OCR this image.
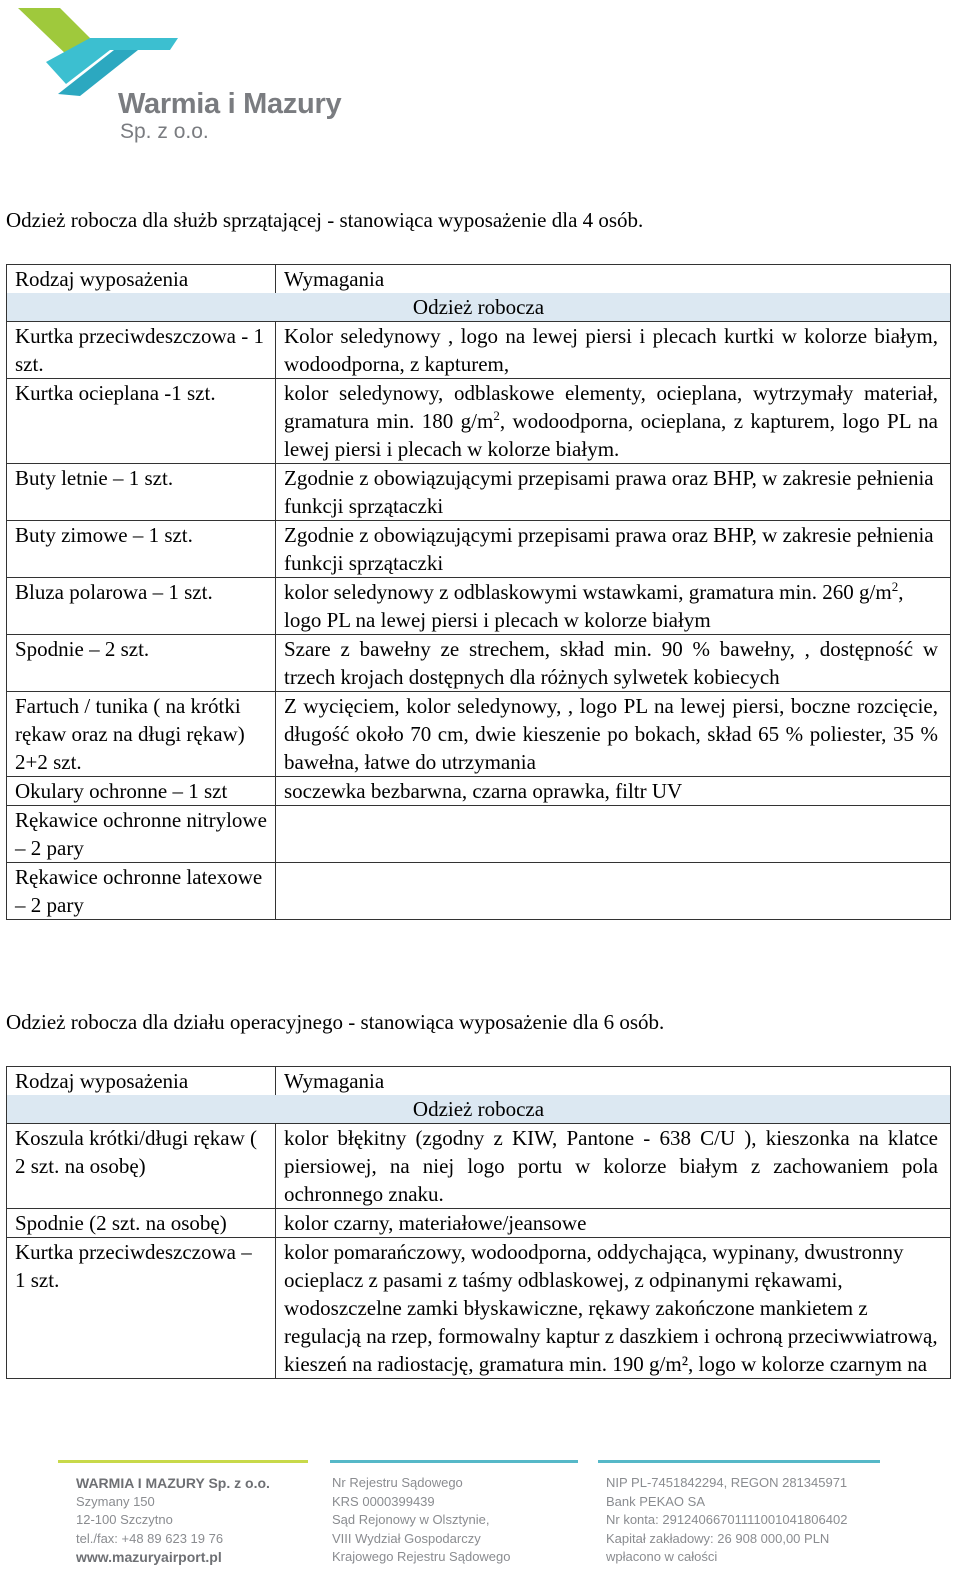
Warmia i Mazury
Sp. z o.o.
Odzież robocza dla służb sprzątającej - stanowiąca wyposażenie dla 4 osób.
Rodzaj wyposażenia	Wymagania
Odzież robocza	
Kurtka przeciwdeszczowa - 1 szt.	Kolor seledynowy , logo na lewej piersi i plecach kurtki w kolorze białym, wodoodporna, z kapturem,
Kurtka ocieplana -1 szt.	kolor seledynowy, odblaskowe elementy, ocieplana, wytrzymały materiał, gramatura min. 180 $g/m^2$, wodoodporna, ocieplana, z kapturem, logo PL na lewej piersi i plecach w kolorze białym.
Buty letnie – 1 szt.	Zgodnie z obowiązującymi przepisami prawa oraz BHP, w zakresie pełnienia funkcji sprzątaczki
Buty zimowe – 1 szt.	Zgodnie z obowiązującymi przepisami prawa oraz BHP, w zakresie pełnienia funkcji sprzątaczki
Bluza polarowa – 1 szt.	kolor seledynowy z odblaskowymi wstawkami, gramatura min. 260 $g/m^2$, logo PL na lewej piersi i plecach w kolorze białym
Spodnie – 2 szt.	Szare z bawełny ze strechem, skład min. 90 % bawełny, , dostępność w trzech krojach dostępnych dla różnych sylwetek kobiecych
Fartuch / tunika ( na krótki rękaw oraz na długi rękaw) 2+2 szt.	Z wycięciem, kolor seledynowy, , logo PL na lewej piersi, boczne rozcięcie, długość około 70 cm, dwie kieszenie po bokach, skład 65 % poliester, 35 % bawełna, łatwe do utrzymania
Okulary ochronne – 1 szt	soczewka bezbarwna, czarna oprawka, filtr UV
Rękawice ochronne nitrylowe – 2 pary	
Rękawice ochronne latexowe – 2 pary	
Odzież robocza dla działu operacyjnego - stanowiąca wyposażenie dla 6 osób.
Rodzaj wyposażenia	Wymagania
Odzież robocza	
Koszula krótki/długi rękaw ( 2 szt. na osobę)	kolor błękitny (zgodny z KIW, Pantone - 638 C/U ), kieszonka na klatce piersiowej, na niej logo portu w kolorze białym z zachowaniem pola ochronnego znaku.
Spodnie (2 szt. na osobę)	kolor czarny, materiałowe/jeansowe
Kurtka przeciwdeszczowa – 1 szt.	kolor pomarańczowy, wodoodporna, oddychająca, wypinany, dwustronny ocieplacz z pasami z taśmy odblaskowej, z odpinanymi rękawami, wodoszczelne zamki błyskawiczne, rękawy zakończone mankietem z regulacją na rzep, formowalny kaptur z daszkiem i ochroną przeciwwiatrową, kieszeń na radiostację, gramatura min. 190 g/m², logo w kolorze czarnym na
WARMIA I MAZURY Sp. z o.o.
Szymany 150
12-100 Szczytno
tel./fax: +48 89 623 19 76
www.mazuryairport.pl
Nr Rejestru Sądowego
KRS 0000399439
Sąd Rejonowy w Olsztynie,
VIII Wydział Gospodarczy
Krajowego Rejestru Sądowego
NIP PL-7451842294, REGON 281345971
Bank PEKAO SA
Nr konta: 29124066701111001041806402
Kapitał zakładowy: 26 908 000,00 PLN
wpłacono w całości
